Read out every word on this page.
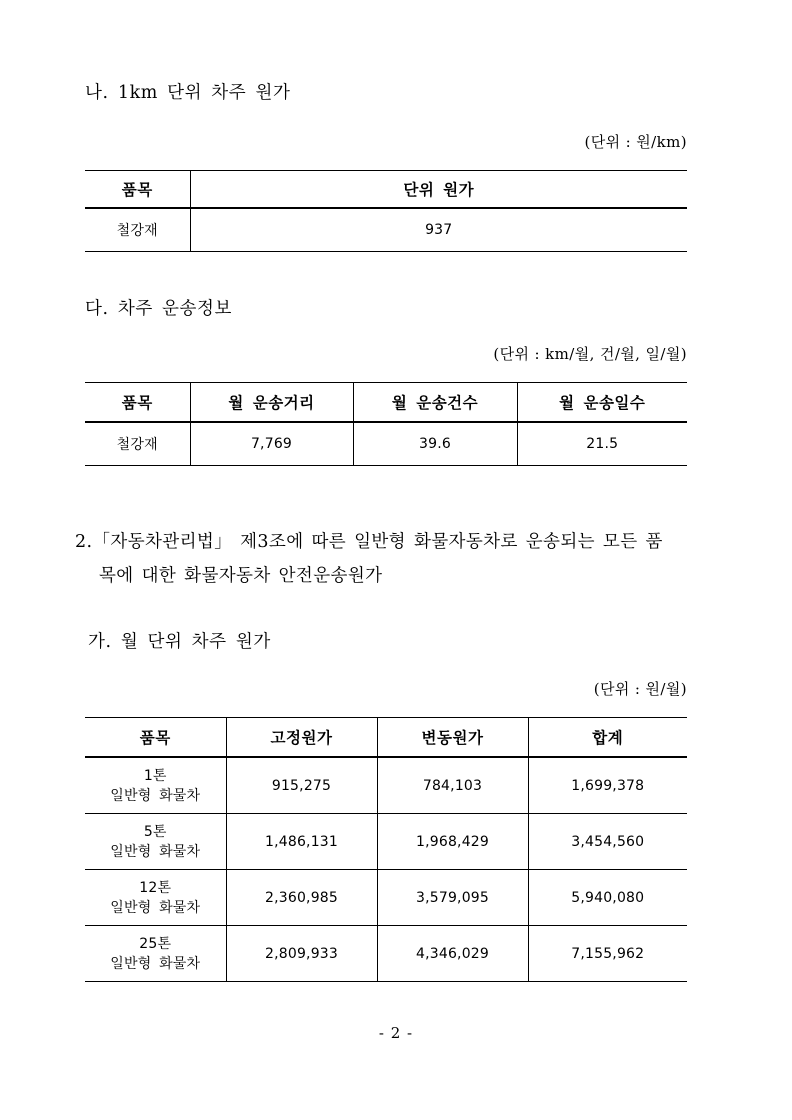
나. 1km 단위 차주 원가
(단위 : 원/km)
품목	단위 원가
철강재	937
다. 차주 운송정보
(단위 : km/월, 건/월, 일/월)
품목	월 운송거리	월 운송건수	월 운송일수
철강재	7,769	39.6	21.5
2.「자동차관리법」 제3조에 따른 일반형 화물자동차로 운송되는 모든 품
목에 대한 화물자동차 안전운송원가
가. 월 단위 차주 원가
(단위 : 원/월)
품목	고정원가	변동원가	합계
1톤
일반형 화물차	915,275	784,103	1,699,378
5톤
일반형 화물차	1,486,131	1,968,429	3,454,560
12톤
일반형 화물차	2,360,985	3,579,095	5,940,080
25톤
일반형 화물차	2,809,933	4,346,029	7,155,962
- 2 -
